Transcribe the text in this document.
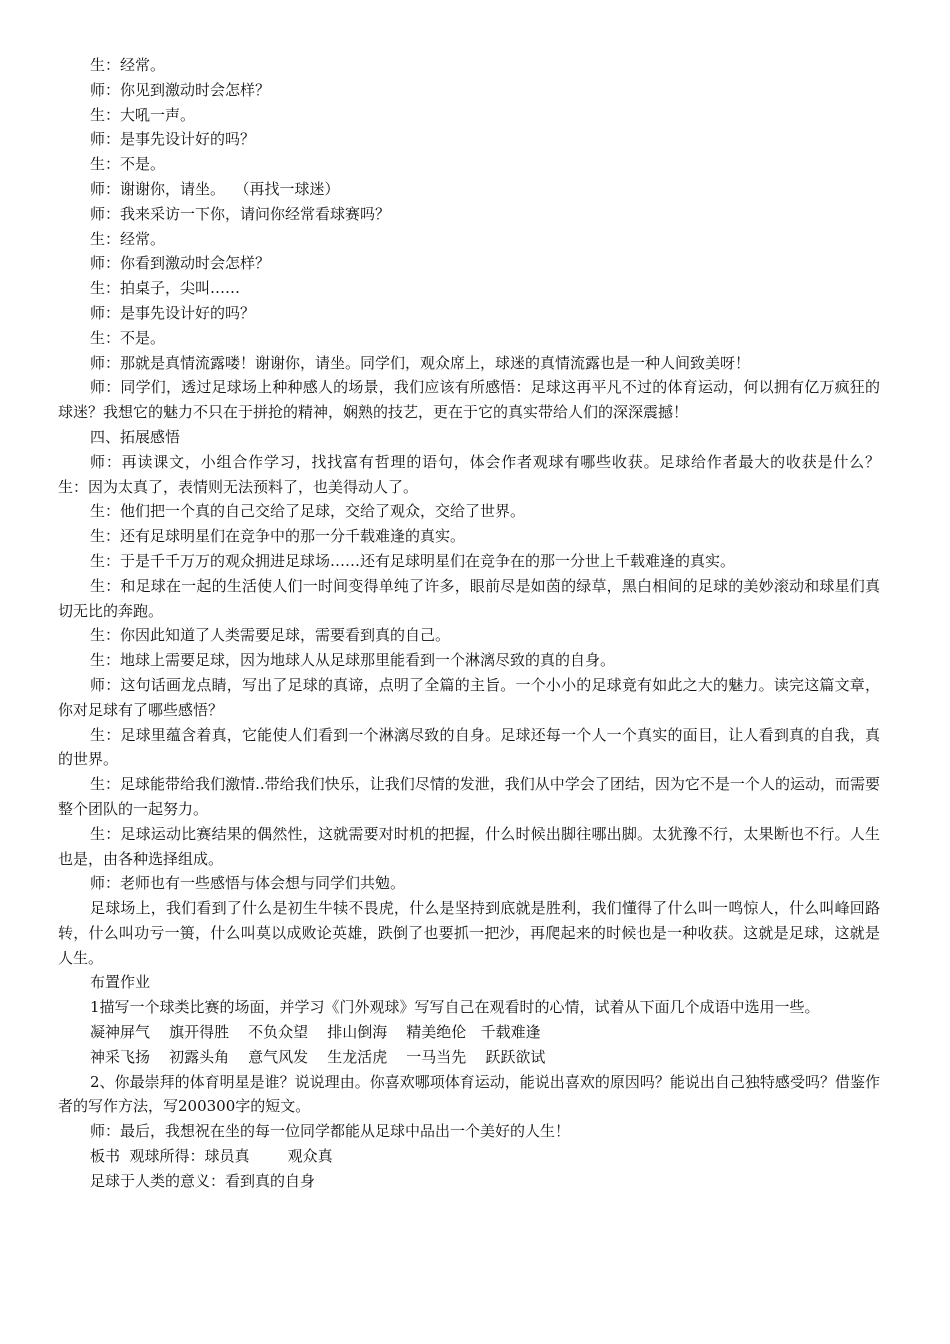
生：经常。

师：你见到激动时会怎样？

生：大吼一声。

师：是事先设计好的吗？

生：不是。

师：谢谢你，请坐。  （再找一球迷）

师：我来采访一下你，请问你经常看球赛吗？

生：经常。

师：你看到激动时会怎样？

生：拍桌子，尖叫……

师：是事先设计好的吗？

生：不是。

师：那就是真情流露喽！谢谢你，请坐。同学们，观众席上，球迷的真情流露也是一种人间致美呀！

师：同学们，透过足球场上种种感人的场景，我们应该有所感悟：足球这再平凡不过的体育运动，何以拥有亿万疯狂的球迷？我想它的魅力不只在于拼抢的精神，娴熟的技艺，更在于它的真实带给人们的深深震撼！

四、拓展感悟

师：再读课文，小组合作学习，找找富有哲理的语句，体会作者观球有哪些收获。足球给作者最大的收获是什么？      生：因为太真了，表情则无法预料了，也美得动人了。

生：他们把一个真的自己交给了足球，交给了观众，交给了世界。

生：还有足球明星们在竞争中的那一分千载难逢的真实。

生：于是千千万万的观众拥进足球场……还有足球明星们在竞争在的那一分世上千载难逢的真实。

生：和足球在一起的生活使人们一时间变得单纯了许多，眼前尽是如茵的绿草，黑白相间的足球的美妙滚动和球星们真切无比的奔跑。

生：你因此知道了人类需要足球，需要看到真的自己。

生：地球上需要足球，因为地球人从足球那里能看到一个淋漓尽致的真的自身。

师：这句话画龙点睛，写出了足球的真谛，点明了全篇的主旨。一个小小的足球竟有如此之大的魅力。读完这篇文章，你对足球有了哪些感悟？

生：足球里蕴含着真，它能使人们看到一个淋漓尽致的自身。足球还每一个人一个真实的面目，让人看到真的自我，真的世界。

生：足球能带给我们激情..带给我们快乐，让我们尽情的发泄，我们从中学会了团结，因为它不是一个人的运动，而需要整个团队的一起努力。

生：足球运动比赛结果的偶然性，这就需要对时机的把握，什么时候出脚往哪出脚。太犹豫不行，太果断也不行。人生也是，由各种选择组成。

师：老师也有一些感悟与体会想与同学们共勉。

足球场上，我们看到了什么是初生牛犊不畏虎，什么是坚持到底就是胜利，我们懂得了什么叫一鸣惊人，什么叫峰回路转，什么叫功亏一篑，什么叫莫以成败论英雄，跌倒了也要抓一把沙，再爬起来的时候也是一种收获。这就是足球，这就是人生。

布置作业

1描写一个球类比赛的场面，并学习《门外观球》写写自己在观看时的心情，试着从下面几个成语中选用一些。

凝神屏气    旗开得胜    不负众望    排山倒海    精美绝伦   千载难逢

神采飞扬    初露头角    意气风发    生龙活虎    一马当先    跃跃欲试

2、你最崇拜的体育明星是谁？说说理由。你喜欢哪项体育运动，能说出喜欢的原因吗？能说出自己独特感受吗？借鉴作者的写作方法，写200300字的短文。

师：最后，我想祝在坐的每一位同学都能从足球中品出一个美好的人生！

板书  观球所得：球员真        观众真

足球于人类的意义：看到真的自身
